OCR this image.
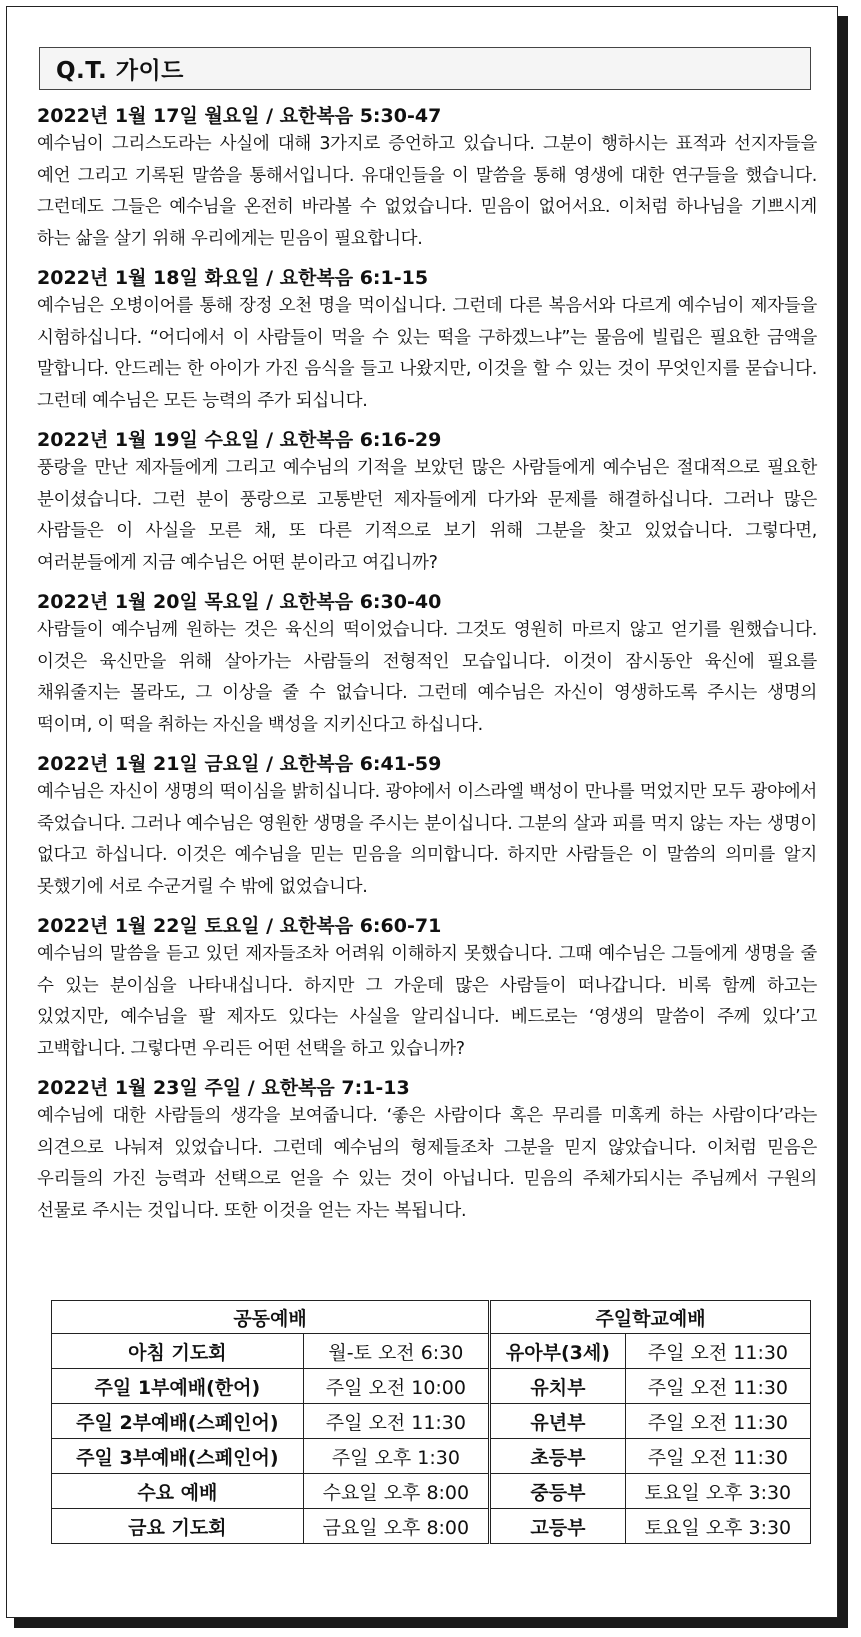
Q.T. 가이드
2022년 1월 17일 월요일 / 요한복음 5:30-47
예수님이 그리스도라는 사실에 대해 3가지로 증언하고 있습니다. 그분이 행하시는 표적과 선지자들을 예언 그리고 기록된 말씀을 통해서입니다. 유대인들을 이 말씀을 통해 영생에 대한 연구들을 했습니다. 그런데도 그들은 예수님을 온전히 바라볼 수 없었습니다. 믿음이 없어서요. 이처럼 하나님을 기쁘시게 하는 삶을 살기 위해 우리에게는 믿음이 필요합니다.
2022년 1월 18일 화요일 / 요한복음 6:1-15
예수님은 오병이어를 통해 장정 오천 명을 먹이십니다. 그런데 다른 복음서와 다르게 예수님이 제자들을 시험하십니다. “어디에서 이 사람들이 먹을 수 있는 떡을 구하겠느냐”는 물음에 빌립은 필요한 금액을 말합니다. 안드레는 한 아이가 가진 음식을 들고 나왔지만, 이것을 할 수 있는 것이 무엇인지를 묻습니다. 그런데 예수님은 모든 능력의 주가 되십니다.
2022년 1월 19일 수요일 / 요한복음 6:16-29
풍랑을 만난 제자들에게 그리고 예수님의 기적을 보았던 많은 사람들에게 예수님은 절대적으로 필요한 분이셨습니다. 그런 분이 풍랑으로 고통받던 제자들에게 다가와 문제를 해결하십니다. 그러나 많은 사람들은 이 사실을 모른 채, 또 다른 기적으로 보기 위해 그분을 찾고 있었습니다. 그렇다면, 여러분들에게 지금 예수님은 어떤 분이라고 여깁니까?
2022년 1월 20일 목요일 / 요한복음 6:30-40
사람들이 예수님께 원하는 것은 육신의 떡이었습니다. 그것도 영원히 마르지 않고 얻기를 원했습니다. 이것은 육신만을 위해 살아가는 사람들의 전형적인 모습입니다. 이것이 잠시동안 육신에 필요를 채워줄지는 몰라도, 그 이상을 줄 수 없습니다. 그런데 예수님은 자신이 영생하도록 주시는 생명의 떡이며, 이 떡을 취하는 자신을 백성을 지키신다고 하십니다.
2022년 1월 21일 금요일 / 요한복음 6:41-59
예수님은 자신이 생명의 떡이심을 밝히십니다. 광야에서 이스라엘 백성이 만나를 먹었지만 모두 광야에서 죽었습니다. 그러나 예수님은 영원한 생명을 주시는 분이십니다. 그분의 살과 피를 먹지 않는 자는 생명이 없다고 하십니다. 이것은 예수님을 믿는 믿음을 의미합니다. 하지만 사람들은 이 말씀의 의미를 알지 못했기에 서로 수군거릴 수 밖에 없었습니다.
2022년 1월 22일 토요일 / 요한복음 6:60-71
예수님의 말씀을 듣고 있던 제자들조차 어려워 이해하지 못했습니다. 그때 예수님은 그들에게 생명을 줄 수 있는 분이심을 나타내십니다. 하지만 그 가운데 많은 사람들이 떠나갑니다. 비록 함께 하고는 있었지만, 예수님을 팔 제자도 있다는 사실을 알리십니다. 베드로는 ‘영생의 말씀이 주께 있다’고 고백합니다. 그렇다면 우리든 어떤 선택을 하고 있습니까?
2022년 1월 23일 주일 / 요한복음 7:1-13
예수님에 대한 사람들의 생각을 보여줍니다. ‘좋은 사람이다 혹은 무리를 미혹케 하는 사람이다’라는 의견으로 나눠져 있었습니다. 그런데 예수님의 형제들조차 그분을 믿지 않았습니다. 이처럼 믿음은 우리들의 가진 능력과 선택으로 얻을 수 있는 것이 아닙니다. 믿음의 주체가되시는 주님께서 구원의 선물로 주시는 것입니다. 또한 이것을 얻는 자는 복됩니다.
공동예배		주일학교예배	
아침 기도회	월-토 오전 6:30	유아부(3세)	주일 오전 11:30
주일 1부예배(한어)	주일 오전 10:00	유치부	주일 오전 11:30
주일 2부예배(스페인어)	주일 오전 11:30	유년부	주일 오전 11:30
주일 3부예배(스페인어)	주일 오후 1:30	초등부	주일 오전 11:30
수요 예배	수요일 오후 8:00	중등부	토요일 오후 3:30
금요 기도회	금요일 오후 8:00	고등부	토요일 오후 3:30
